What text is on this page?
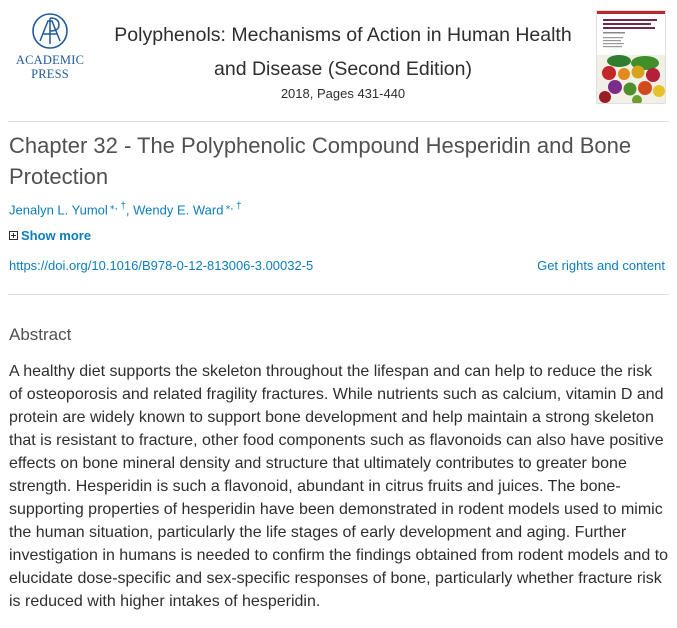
ACADEMIC
PRESS
Polyphenols: Mechanisms of Action in Human Health
and Disease (Second Edition)
2018, Pages 431-440
Chapter 32 - The Polyphenolic Compound Hesperidin and Bone Protection
Jenalyn L. Yumol ⁎, †, Wendy E. Ward ⁎, †
Show more
https://doi.org/10.1016/B978-0-12-813006-3.00032-5	Get rights and content
Abstract

A healthy diet supports the skeleton throughout the lifespan and can help to reduce the risk of osteoporosis and related fragility fractures. While nutrients such as calcium, vitamin D and protein are widely known to support bone development and help maintain a strong skeleton that is resistant to fracture, other food components such as flavonoids can also have positive effects on bone mineral density and structure that ultimately contributes to greater bone strength. Hesperidin is such a flavonoid, abundant in citrus fruits and juices. The bone-supporting properties of hesperidin have been demonstrated in rodent models used to mimic the human situation, particularly the life stages of early development and aging. Further investigation in humans is needed to confirm the findings obtained from rodent models and to elucidate dose-specific and sex-specific responses of bone, particularly whether fracture risk is reduced with higher intakes of hesperidin.
